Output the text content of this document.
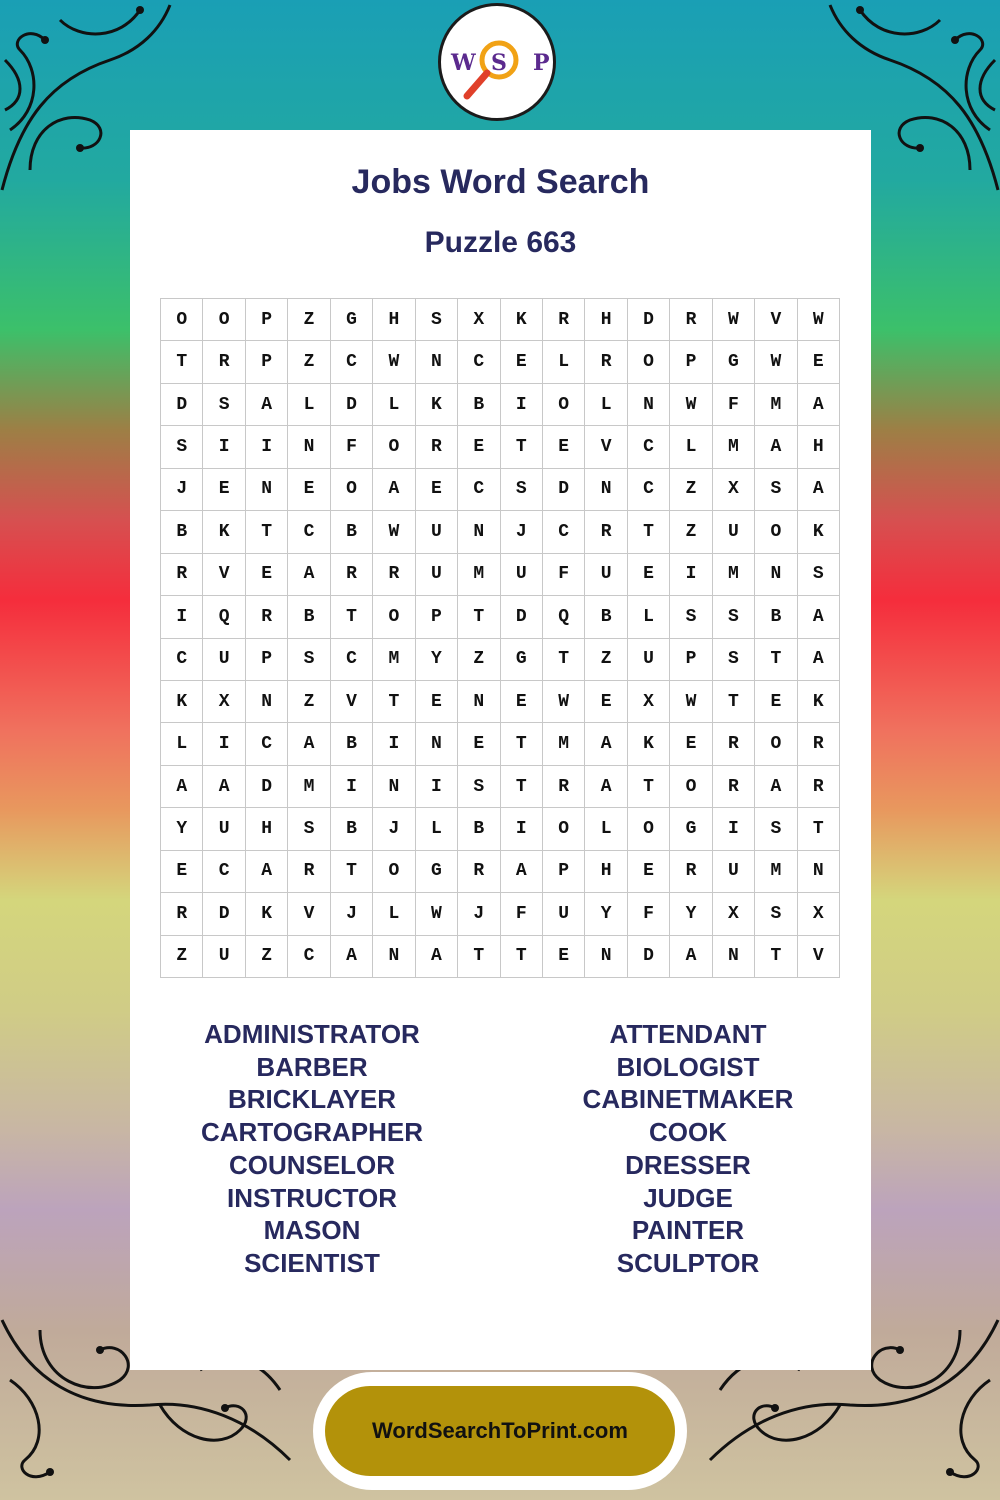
W S P
Jobs Word Search
Puzzle 663
O	O	P	Z	G	H	S	X	K	R	H	D	R	W	V	W
T	R	P	Z	C	W	N	C	E	L	R	O	P	G	W	E
D	S	A	L	D	L	K	B	I	O	L	N	W	F	M	A
S	I	I	N	F	O	R	E	T	E	V	C	L	M	A	H
J	E	N	E	O	A	E	C	S	D	N	C	Z	X	S	A
B	K	T	C	B	W	U	N	J	C	R	T	Z	U	O	K
R	V	E	A	R	R	U	M	U	F	U	E	I	M	N	S
I	Q	R	B	T	O	P	T	D	Q	B	L	S	S	B	A
C	U	P	S	C	M	Y	Z	G	T	Z	U	P	S	T	A
K	X	N	Z	V	T	E	N	E	W	E	X	W	T	E	K
L	I	C	A	B	I	N	E	T	M	A	K	E	R	O	R
A	A	D	M	I	N	I	S	T	R	A	T	O	R	A	R
Y	U	H	S	B	J	L	B	I	O	L	O	G	I	S	T
E	C	A	R	T	O	G	R	A	P	H	E	R	U	M	N
R	D	K	V	J	L	W	J	F	U	Y	F	Y	X	S	X
Z	U	Z	C	A	N	A	T	T	E	N	D	A	N	T	V
ADMINISTRATOR
BARBER
BRICKLAYER
CARTOGRAPHER
COUNSELOR
INSTRUCTOR
MASON
SCIENTIST
ATTENDANT
BIOLOGIST
CABINETMAKER
COOK
DRESSER
JUDGE
PAINTER
SCULPTOR
WordSearchToPrint.com
